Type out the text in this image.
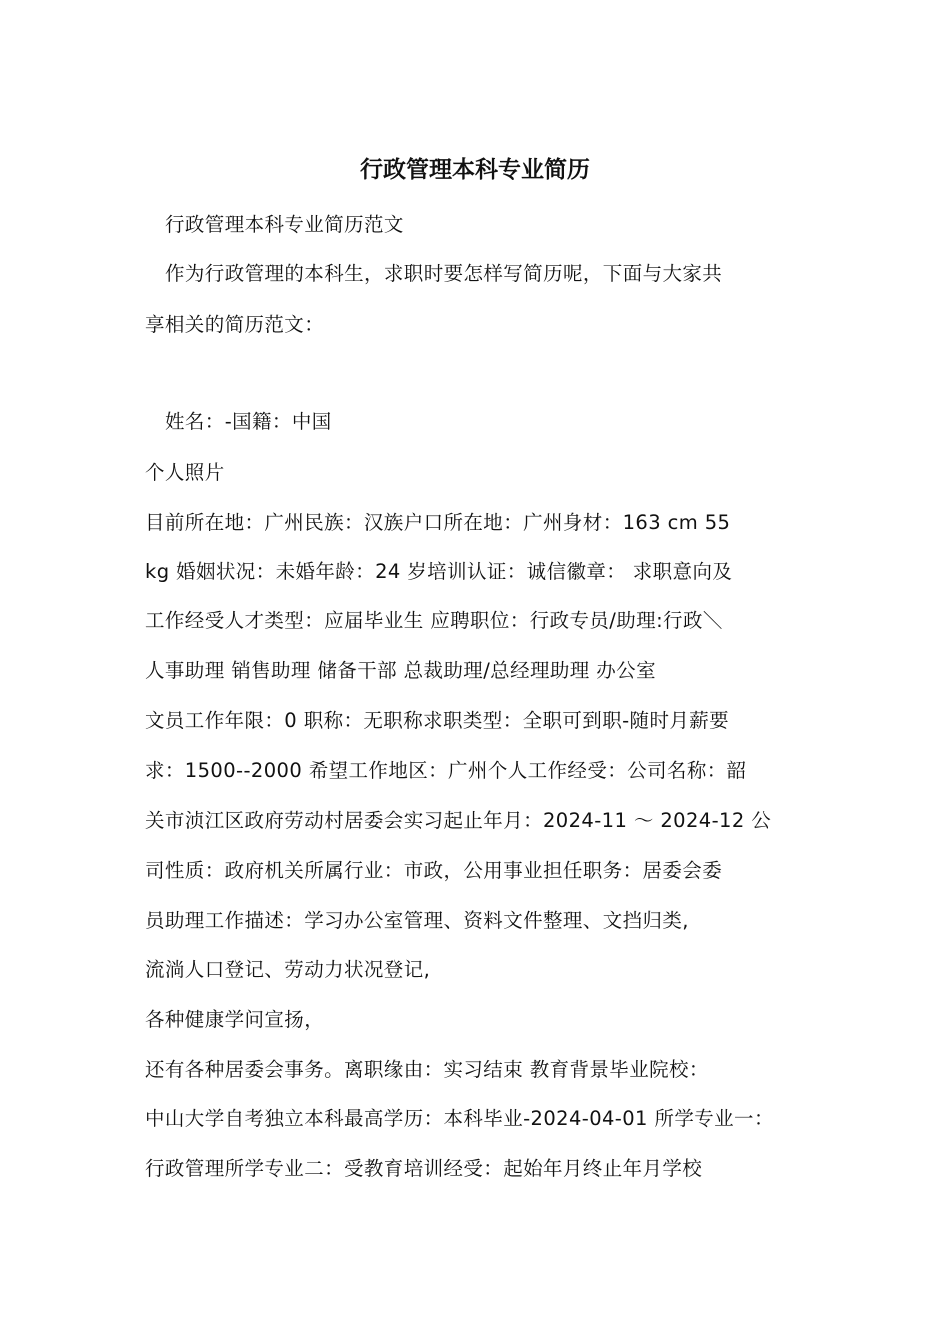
行政管理本科专业简历
行政管理本科专业简历范文
作为行政管理的本科生，求职时要怎样写简历呢，下面与大家共
享相关的简历范文：
姓名：-国籍：中国
个人照片
目前所在地：广州民族：汉族户口所在地：广州身材：163 cm 55
kg 婚姻状况：未婚年龄：24 岁培训认证：诚信徽章： 求职意向及
工作经受人才类型：应届毕业生 应聘职位：行政专员/助理:行政＼
人事助理 销售助理 储备干部 总裁助理/总经理助理 办公室
文员工作年限：0 职称：无职称求职类型：全职可到职-随时月薪要
求：1500--2000 希望工作地区：广州个人工作经受：公司名称：韶
关市浈江区政府劳动村居委会实习起止年月：2024-11 ～ 2024-12 公
司性质：政府机关所属行业：市政，公用事业担任职务：居委会委
员助理工作描述：学习办公室管理、资料文件整理、文挡归类,
流淌人口登记、劳动力状况登记,
各种健康学问宣扬，
还有各种居委会事务。离职缘由：实习结束 教育背景毕业院校：
中山大学自考独立本科最高学历：本科毕业-2024-04-01 所学专业一：
行政管理所学专业二：受教育培训经受：起始年月终止年月学校
